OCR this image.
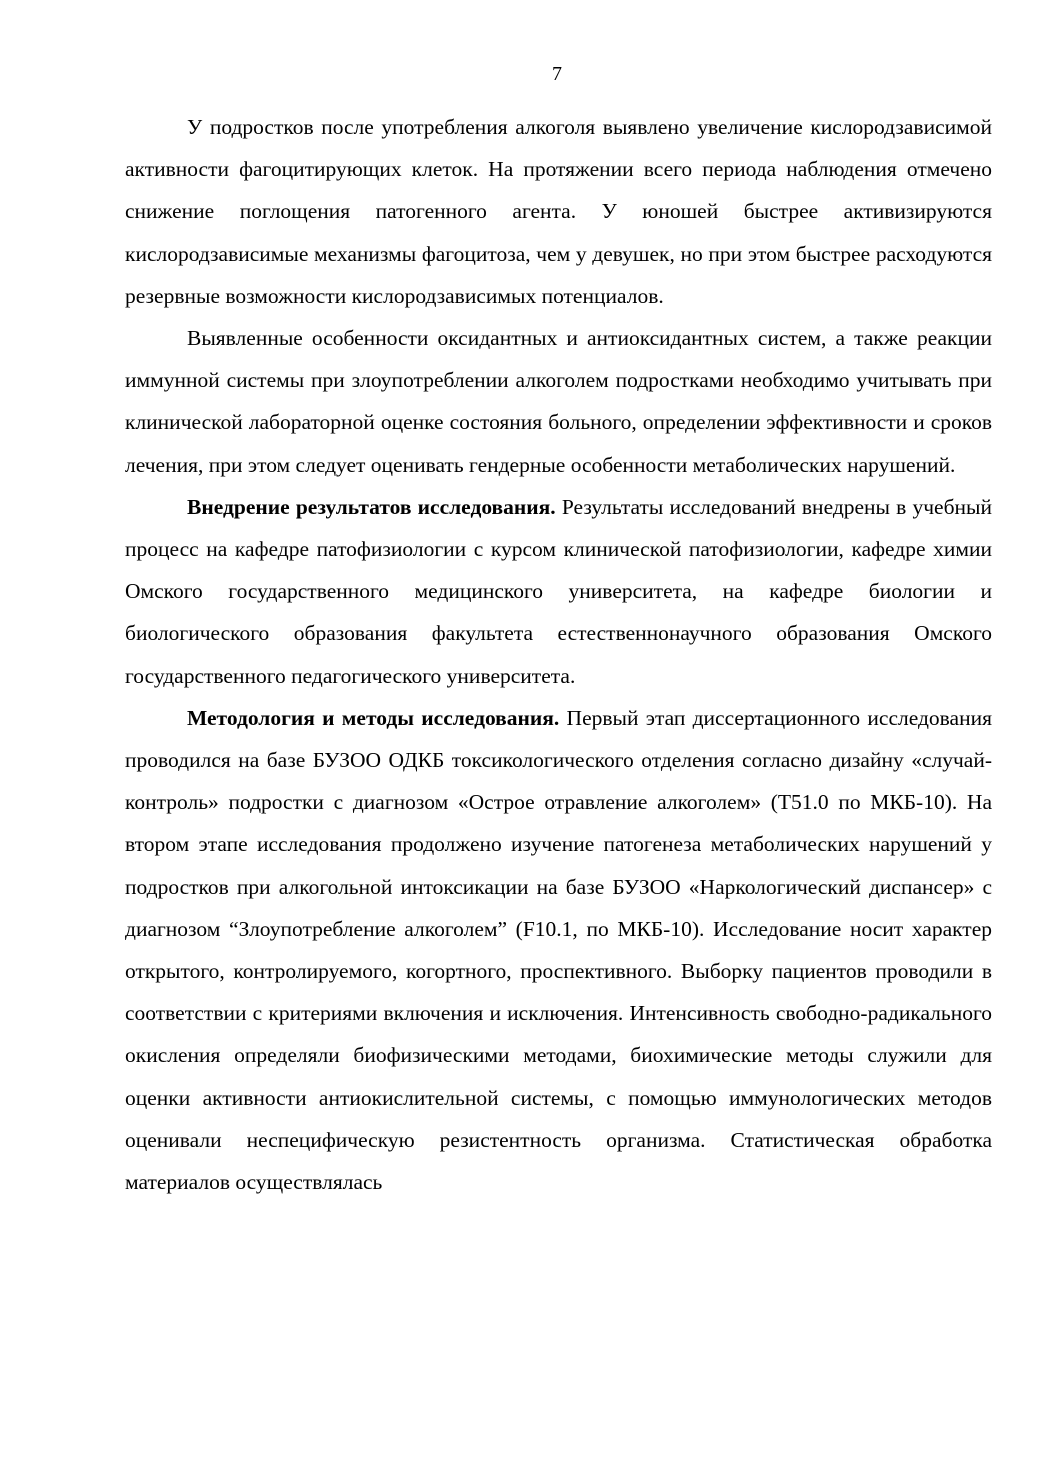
7

У подростков после употребления алкоголя выявлено увеличение кислородзависимой активности фагоцитирующих клеток. На протяжении всего периода наблюдения отмечено снижение поглощения патогенного агента. У юношей быстрее активизируются кислородзависимые механизмы фагоцитоза, чем у девушек, но при этом быстрее расходуются резервные возможности кислородзависимых потенциалов.

Выявленные особенности оксидантных и антиоксидантных систем, а также реакции иммунной системы при злоупотреблении алкоголем подростками необходимо учитывать при клинической лабораторной оценке состояния больного, определении эффективности и сроков лечения, при этом следует оценивать гендерные особенности метаболических нарушений.

Внедрение результатов исследования. Результаты исследований внедрены в учебный процесс на кафедре патофизиологии с курсом клинической патофизиологии, кафедре химии Омского государственного медицинского университета, на кафедре биологии и биологического образования факультета естественнонаучного образования Омского государственного педагогического университета.

Методология и методы исследования. Первый этап диссертационного исследования проводился на базе БУЗОО ОДКБ токсикологического отделения согласно дизайну «случай-контроль» подростки с диагнозом «Острое отравление алкоголем» (Т51.0 по МКБ-10). На втором этапе исследования продолжено изучение патогенеза метаболических нарушений у подростков при алкогольной интоксикации на базе БУЗОО «Наркологический диспансер» с диагнозом “Злоупотребление алкоголем” (F10.1, по МКБ-10). Исследование носит характер открытого, контролируемого, когортного, проспективного. Выборку пациентов проводили в соответствии с критериями включения и исключения. Интенсивность свободно-радикального окисления определяли биофизическими методами, биохимические методы служили для оценки активности антиокислительной системы, с помощью иммунологических методов оценивали неспецифическую резистентность организма. Статистическая обработка материалов осуществлялась
